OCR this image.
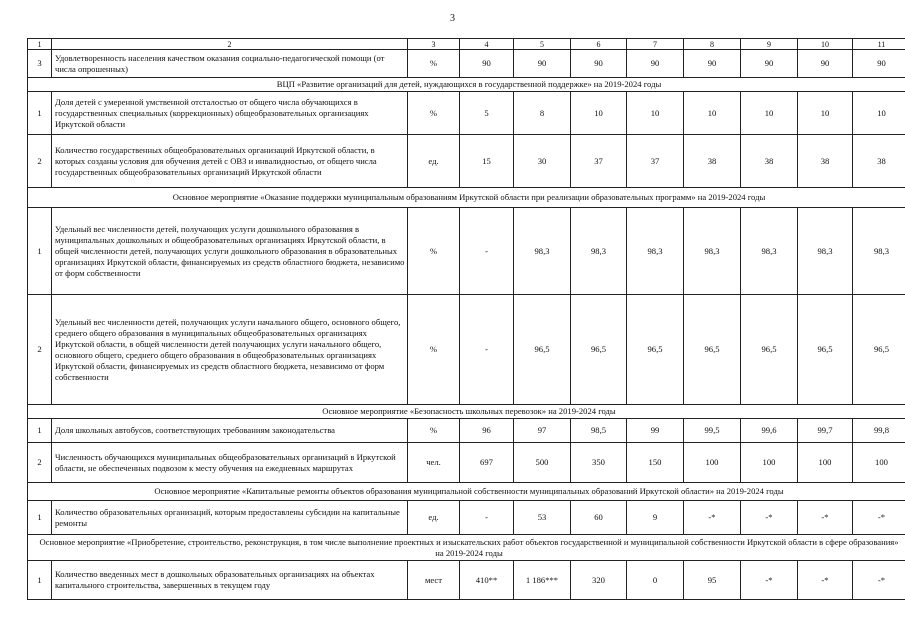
3
1	2	3	4	5	6	7	8	9	10	11
3	Удовлетворенность населения качеством оказания социально-педагогической помощи (от числа опрошенных)	%	90	90	90	90	90	90	90	90
ВЦП «Развитие организаций для детей, нуждающихся в государственной поддержке» на 2019-2024 годы										
1	Доля детей с умеренной умственной отсталостью от общего числа обучающихся в государственных специальных (коррекционных) общеобразовательных организациях Иркутской области	%	5	8	10	10	10	10	10	10
2	Количество государственных общеобразовательных организаций Иркутской области, в которых созданы условия для обучения детей с ОВЗ и инвалидностью, от общего числа государственных общеобразовательных организаций Иркутской области	ед.	15	30	37	37	38	38	38	38
Основное мероприятие «Оказание поддержки муниципальным образованиям Иркутской области при реализации образовательных программ» на 2019-2024 годы										
1	Удельный вес численности детей, получающих услуги дошкольного образования в муниципальных дошкольных и общеобразовательных организациях Иркутской области, в общей численности детей, получающих услуги дошкольного образования в образовательных организациях Иркутской области, финансируемых из средств областного бюджета, независимо от форм собственности	%	-	98,3	98,3	98,3	98,3	98,3	98,3	98,3
2	Удельный вес численности детей, получающих услуги начального общего, основного общего, среднего общего образования в муниципальных общеобразовательных организациях Иркутской области, в общей численности детей получающих услуги начального общего, основного общего, среднего общего образования в общеобразовательных организациях Иркутской области, финансируемых из средств областного бюджета, независимо от форм собственности	%	-	96,5	96,5	96,5	96,5	96,5	96,5	96,5
Основное мероприятие «Безопасность школьных перевозок» на 2019-2024 годы										
1	Доля школьных автобусов, соответствующих требованиям законодательства	%	96	97	98,5	99	99,5	99,6	99,7	99,8
2	Численность обучающихся муниципальных общеобразовательных организаций в Иркутской области, не обеспеченных подвозом к месту обучения на ежедневных маршрутах	чел.	697	500	350	150	100	100	100	100
Основное мероприятие «Капитальные ремонты объектов образования муниципальной собственности муниципальных образований Иркутской области» на 2019-2024 годы										
1	Количество образовательных организаций, которым предоставлены субсидии на капитальные ремонты	ед.	-	53	60	9	-*	-*	-*	-*
Основное мероприятие «Приобретение, строительство, реконструкция, в том числе выполнение проектных и изыскательских работ объектов государственной и муниципальной собственности Иркутской области в сфере образования» на 2019-2024 годы										
1	Количество введенных мест в дошкольных образовательных организациях на объектах капитального строительства, завершенных в текущем году	мест	410**	1 186***	320	0	95	-*	-*	-*
